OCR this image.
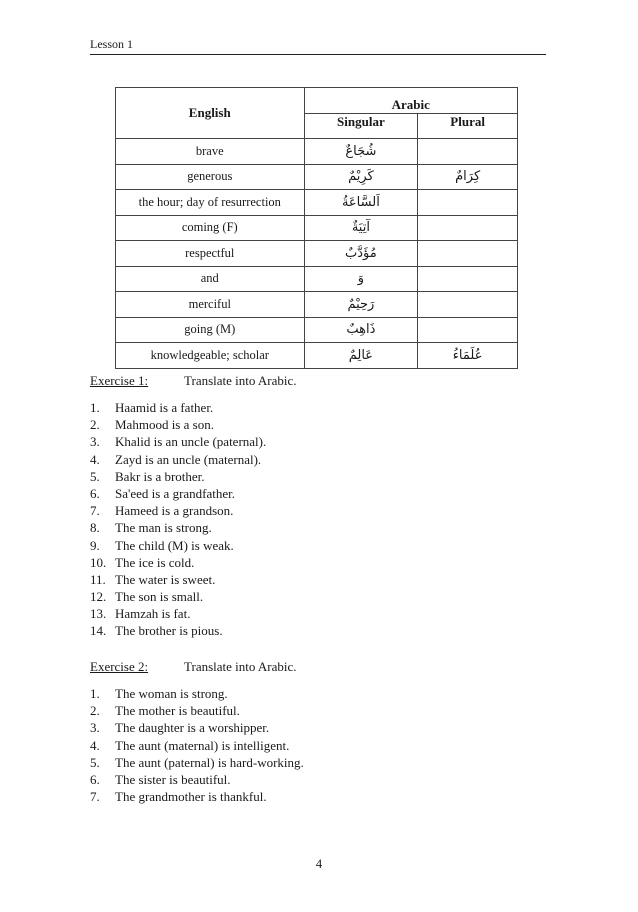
Lesson 1
English	Arabic	
	Singular	Plural
brave	شُجَاعٌ	
generous	كَرِيْمٌ	كِرَامٌ
the hour; day of resurrection	اَلسَّاعَةُ	
coming (F)	آتِيَةٌ	
respectful	مُؤَدَّبٌ	
and	وَ	
merciful	رَحِيْمٌ	
going (M)	ذَاهِبٌ	
knowledgeable; scholar	عَالِمٌ	عُلَمَاءُ
Exercise 1:	Translate into Arabic.
1. Haamid is a father.
2. Mahmood is a son.
3. Khalid is an uncle (paternal).
4. Zayd is an uncle (maternal).
5. Bakr is a brother.
6. Sa'eed is a grandfather.
7. Hameed is a grandson.
8. The man is strong.
9. The child (M) is weak.
10. The ice is cold.
11. The water is sweet.
12. The son is small.
13. Hamzah is fat.
14. The brother is pious.
Exercise 2:	Translate into Arabic.
1. The woman is strong.
2. The mother is beautiful.
3. The daughter is a worshipper.
4. The aunt (maternal) is intelligent.
5. The aunt (paternal) is hard-working.
6. The sister is beautiful.
7. The grandmother is thankful.
4
